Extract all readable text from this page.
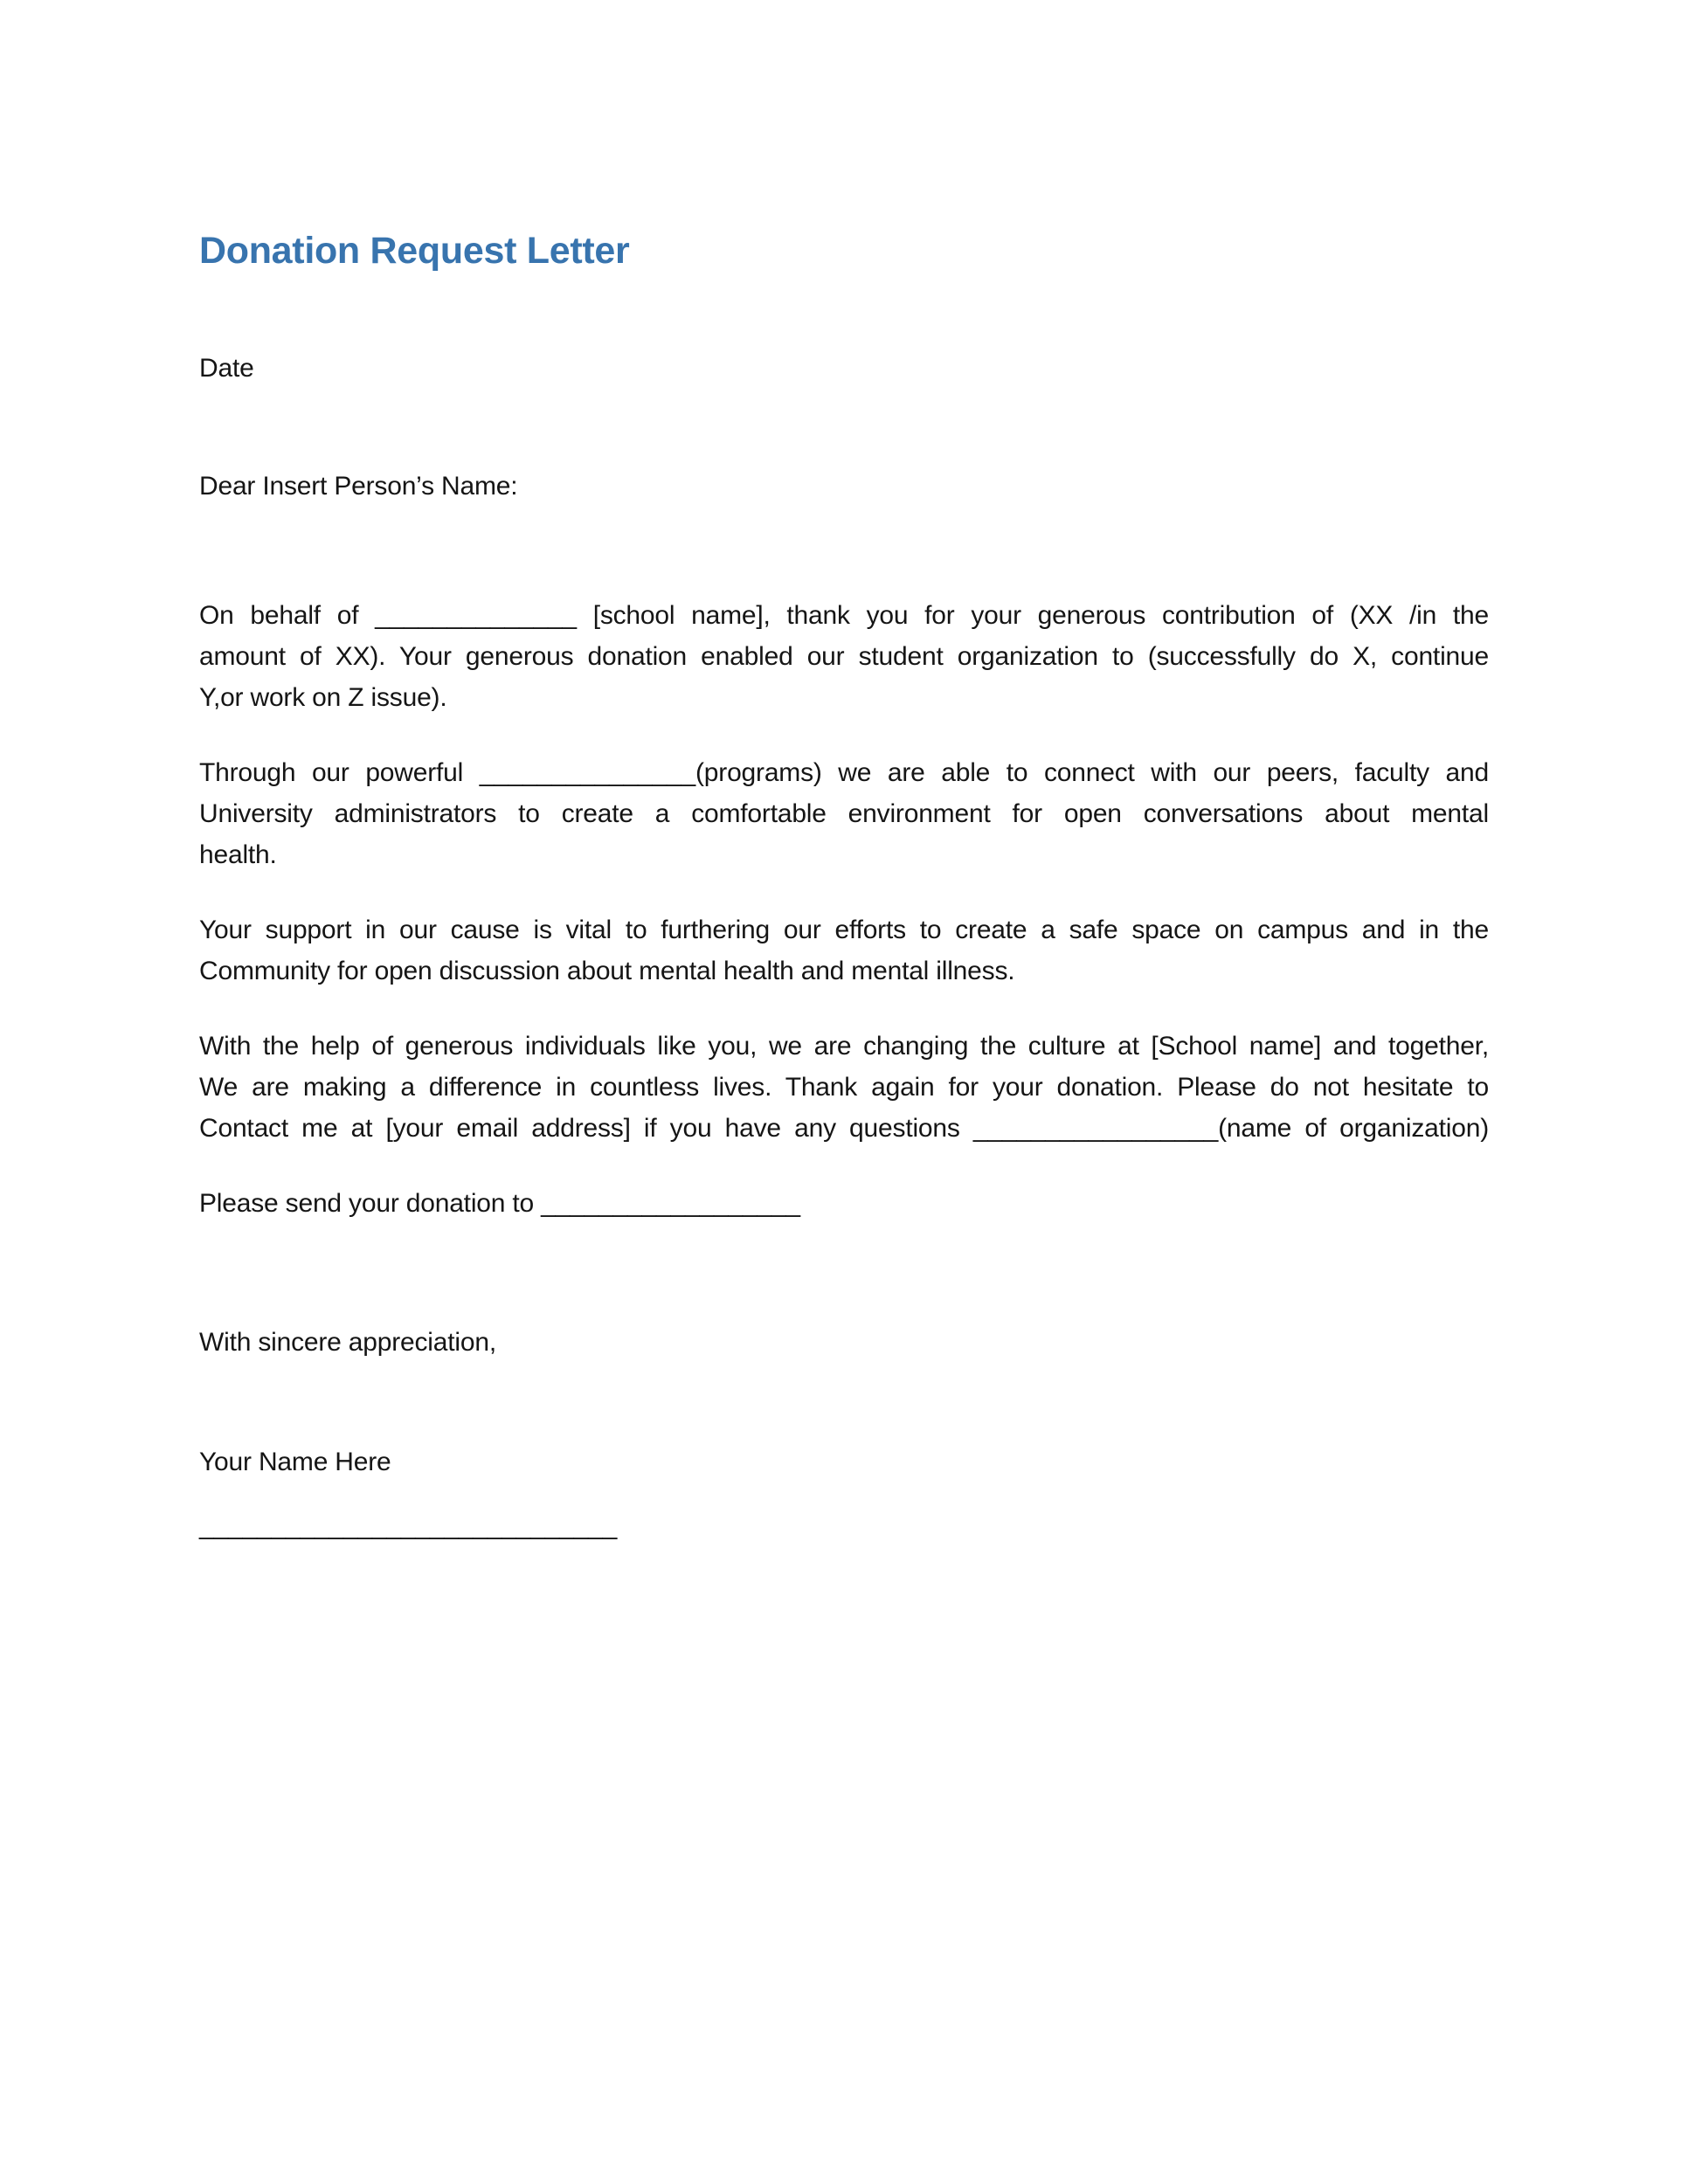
Donation Request Letter
Date
Dear Insert Person’s Name:
On behalf of ______________ [school name], thank you for your generous contribution of (XX /in the
amount of XX). Your generous donation enabled our student organization to (successfully do X, continue
Y,or work on Z issue).
Through our powerful _______________(programs) we are able to connect with our peers, faculty and
University administrators to create a comfortable environment for open conversations about mental
health.
Your support in our cause is vital to furthering our efforts to create a safe space on campus and in the
Community for open discussion about mental health and mental illness.
With the help of generous individuals like you, we are changing the culture at [School name] and together,
We are making a difference in countless lives. Thank again for your donation. Please do not hesitate to
Contact me at [your email address] if you have any questions _________________(name of organization)
Please send your donation to __________________
With sincere appreciation,
Your Name Here
_____________________________
